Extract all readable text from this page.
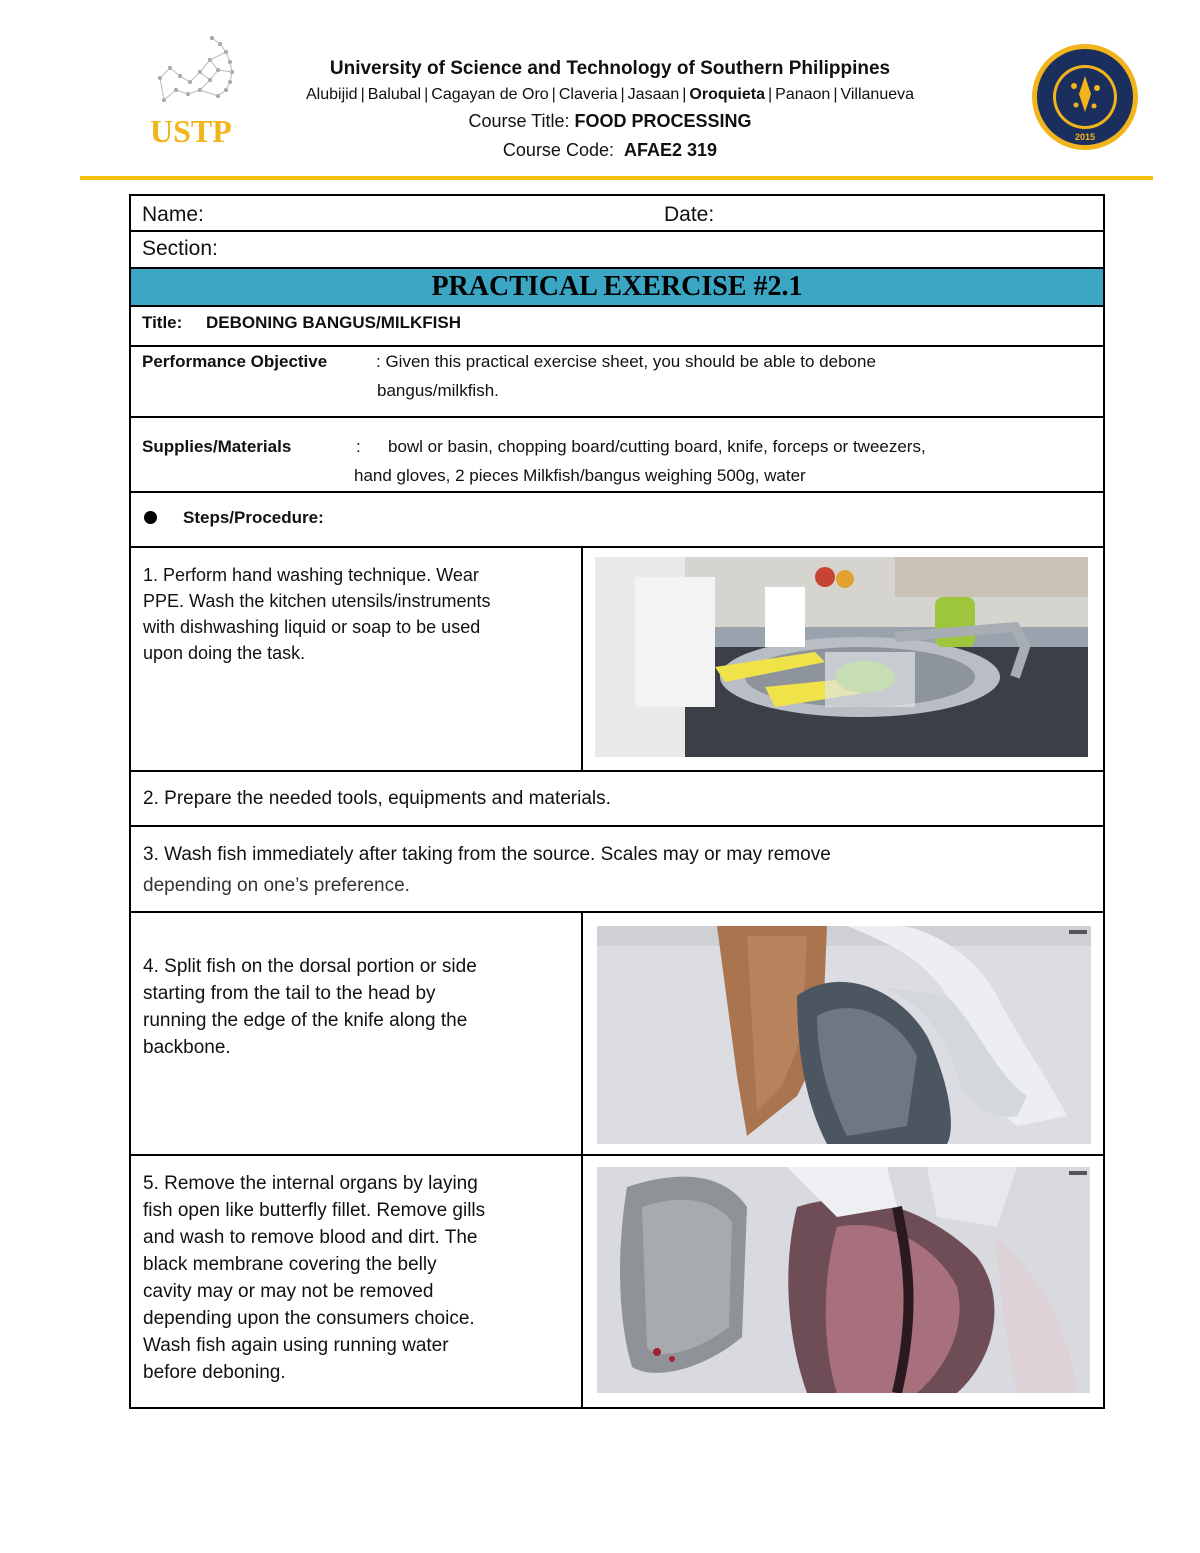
USTP
University of Science and Technology of Southern Philippines
Alubijid | Balubal | Cagayan de Oro | Claveria | Jasaan | Oroquieta | Panaon | Villanueva
Course Title: FOOD PROCESSING
Course Code: AFAE2 319
2015
Name:	Date:
Section:
PRACTICAL EXERCISE #2.1
Title: DEBONING BANGUS/MILKFISH
Performance Objective	: Given this practical exercise sheet, you should be able to debone
bangus/milkfish.
Supplies/Materials	: bowl or basin, chopping board/cutting board, knife, forceps or tweezers,
hand gloves, 2 pieces Milkfish/bangus weighing 500g, water
Steps/Procedure:
1. Perform hand washing technique. Wear
PPE. Wash the kitchen utensils/instruments
with dishwashing liquid or soap to be used
upon doing the task.
2. Prepare the needed tools, equipments and materials.
3. Wash fish immediately after taking from the source. Scales may or may remove
depending on one’s preference.
4. Split fish on the dorsal portion or side
starting from the tail to the head by
running the edge of the knife along the
backbone.
5. Remove the internal organs by laying
fish open like butterfly fillet. Remove gills
and wash to remove blood and dirt. The
black membrane covering the belly
cavity may or may not be removed
depending upon the consumers choice.
Wash fish again using running water
before deboning.
